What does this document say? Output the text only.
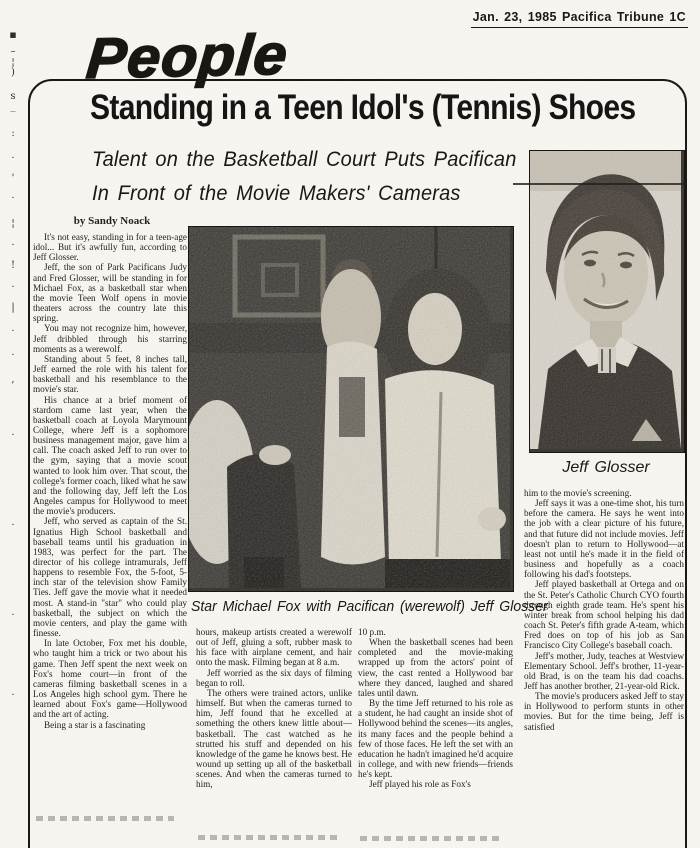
▪
–
¦
)
s
_
:
·
'
·
¦
·
!
·
|
·
·
,
·
·
·
·
Jan. 23, 1985 Pacifica Tribune 1C
People
Standing in a Teen Idol's (Tennis) Shoes
Talent on the Basketball Court Puts Pacifican
In Front of the Movie Makers' Cameras
by Sandy Noack
Star Michael Fox with Pacifican (werewolf) Jeff Glosser
Jeff Glosser

It's not easy, standing in for a teen-age idol... But it's awfully fun, according to Jeff Glosser.

Jeff, the son of Park Pacificans Judy and Fred Glosser, will be standing in for Michael Fox, as a basketball star when the movie Teen Wolf opens in movie theaters across the country late this spring.

You may not recognize him, however, Jeff dribbled through his starring moments as a werewolf.

Standing about 5 feet, 8 inches tall, Jeff earned the role with his talent for basketball and his resemblance to the movie's star.

His chance at a brief moment of stardom came last year, when the basketball coach at Loyola Marymount College, where Jeff is a sophomore business management major, gave him a call. The coach asked Jeff to run over to the gym, saying that a movie scout wanted to look him over. That scout, the college's former coach, liked what he saw and the following day, Jeff left the Los Angeles campus for Hollywood to meet the movie's producers.

Jeff, who served as captain of the St. Ignatius High School basketball and baseball teams until his graduation in 1983, was perfect for the part. The director of his college intramurals, Jeff happens to resemble Fox, the 5-foot, 5-inch star of the television show Family Ties. Jeff gave the movie what it needed most. A stand-in "star" who could play basketball, the subject on which the movie centers, and play the game with finesse.

In late October, Fox met his double, who taught him a trick or two about his game. Then Jeff spent the next week on Fox's home court—in front of the cameras filming basketball scenes in a Los Angeles high school gym. There he learned about Fox's game—Hollywood and the art of acting.

Being a star is a fascinating

hours, makeup artists created a werewolf out of Jeff, gluing a soft, rubber mask to his face with airplane cement, and hair onto the mask. Filming began at 8 a.m.

Jeff worried as the six days of filming began to roll.

The others were trained actors, unlike himself. But when the cameras turned to him, Jeff found that he excelled at something the others knew little about—basketball. The cast watched as he strutted his stuff and depended on his knowledge of the game he knows best. He wound up setting up all of the basketball scenes. And when the cameras turned to him,

10 p.m.

When the basketball scenes had been completed and the movie-making wrapped up from the actors' point of view, the cast rented a Hollywood bar where they danced, laughed and shared tales until dawn.

By the time Jeff returned to his role as a student, he had caught an inside shot of Hollywood behind the scenes—its angles, its many faces and the people behind a few of those faces. He left the set with an education he hadn't imagined he'd acquire in college, and with new friends—friends he's kept.

Jeff played his role as Fox's

him to the movie's screening.

Jeff says it was a one-time shot, his turn before the camera. He says he went into the job with a clear picture of his future, and that future did not include movies. Jeff doesn't plan to return to Hollywood—at least not until he's made it in the field of business and hopefully as a coach following his dad's footsteps.

Jeff played basketball at Ortega and on the St. Peter's Catholic Church CYO fourth through eighth grade team. He's spent his winter break from school helping his dad coach St. Peter's fifth grade A-team, which Fred does on top of his job as San Francisco City College's baseball coach.

Jeff's mother, Judy, teaches at Westview Elementary School. Jeff's brother, 11-year-old Brad, is on the team his dad coachs. Jeff has another brother, 21-year-old Rick.

The movie's producers asked Jeff to stay in Hollywood to perform stunts in other movies. But for the time being, Jeff is satisfied
